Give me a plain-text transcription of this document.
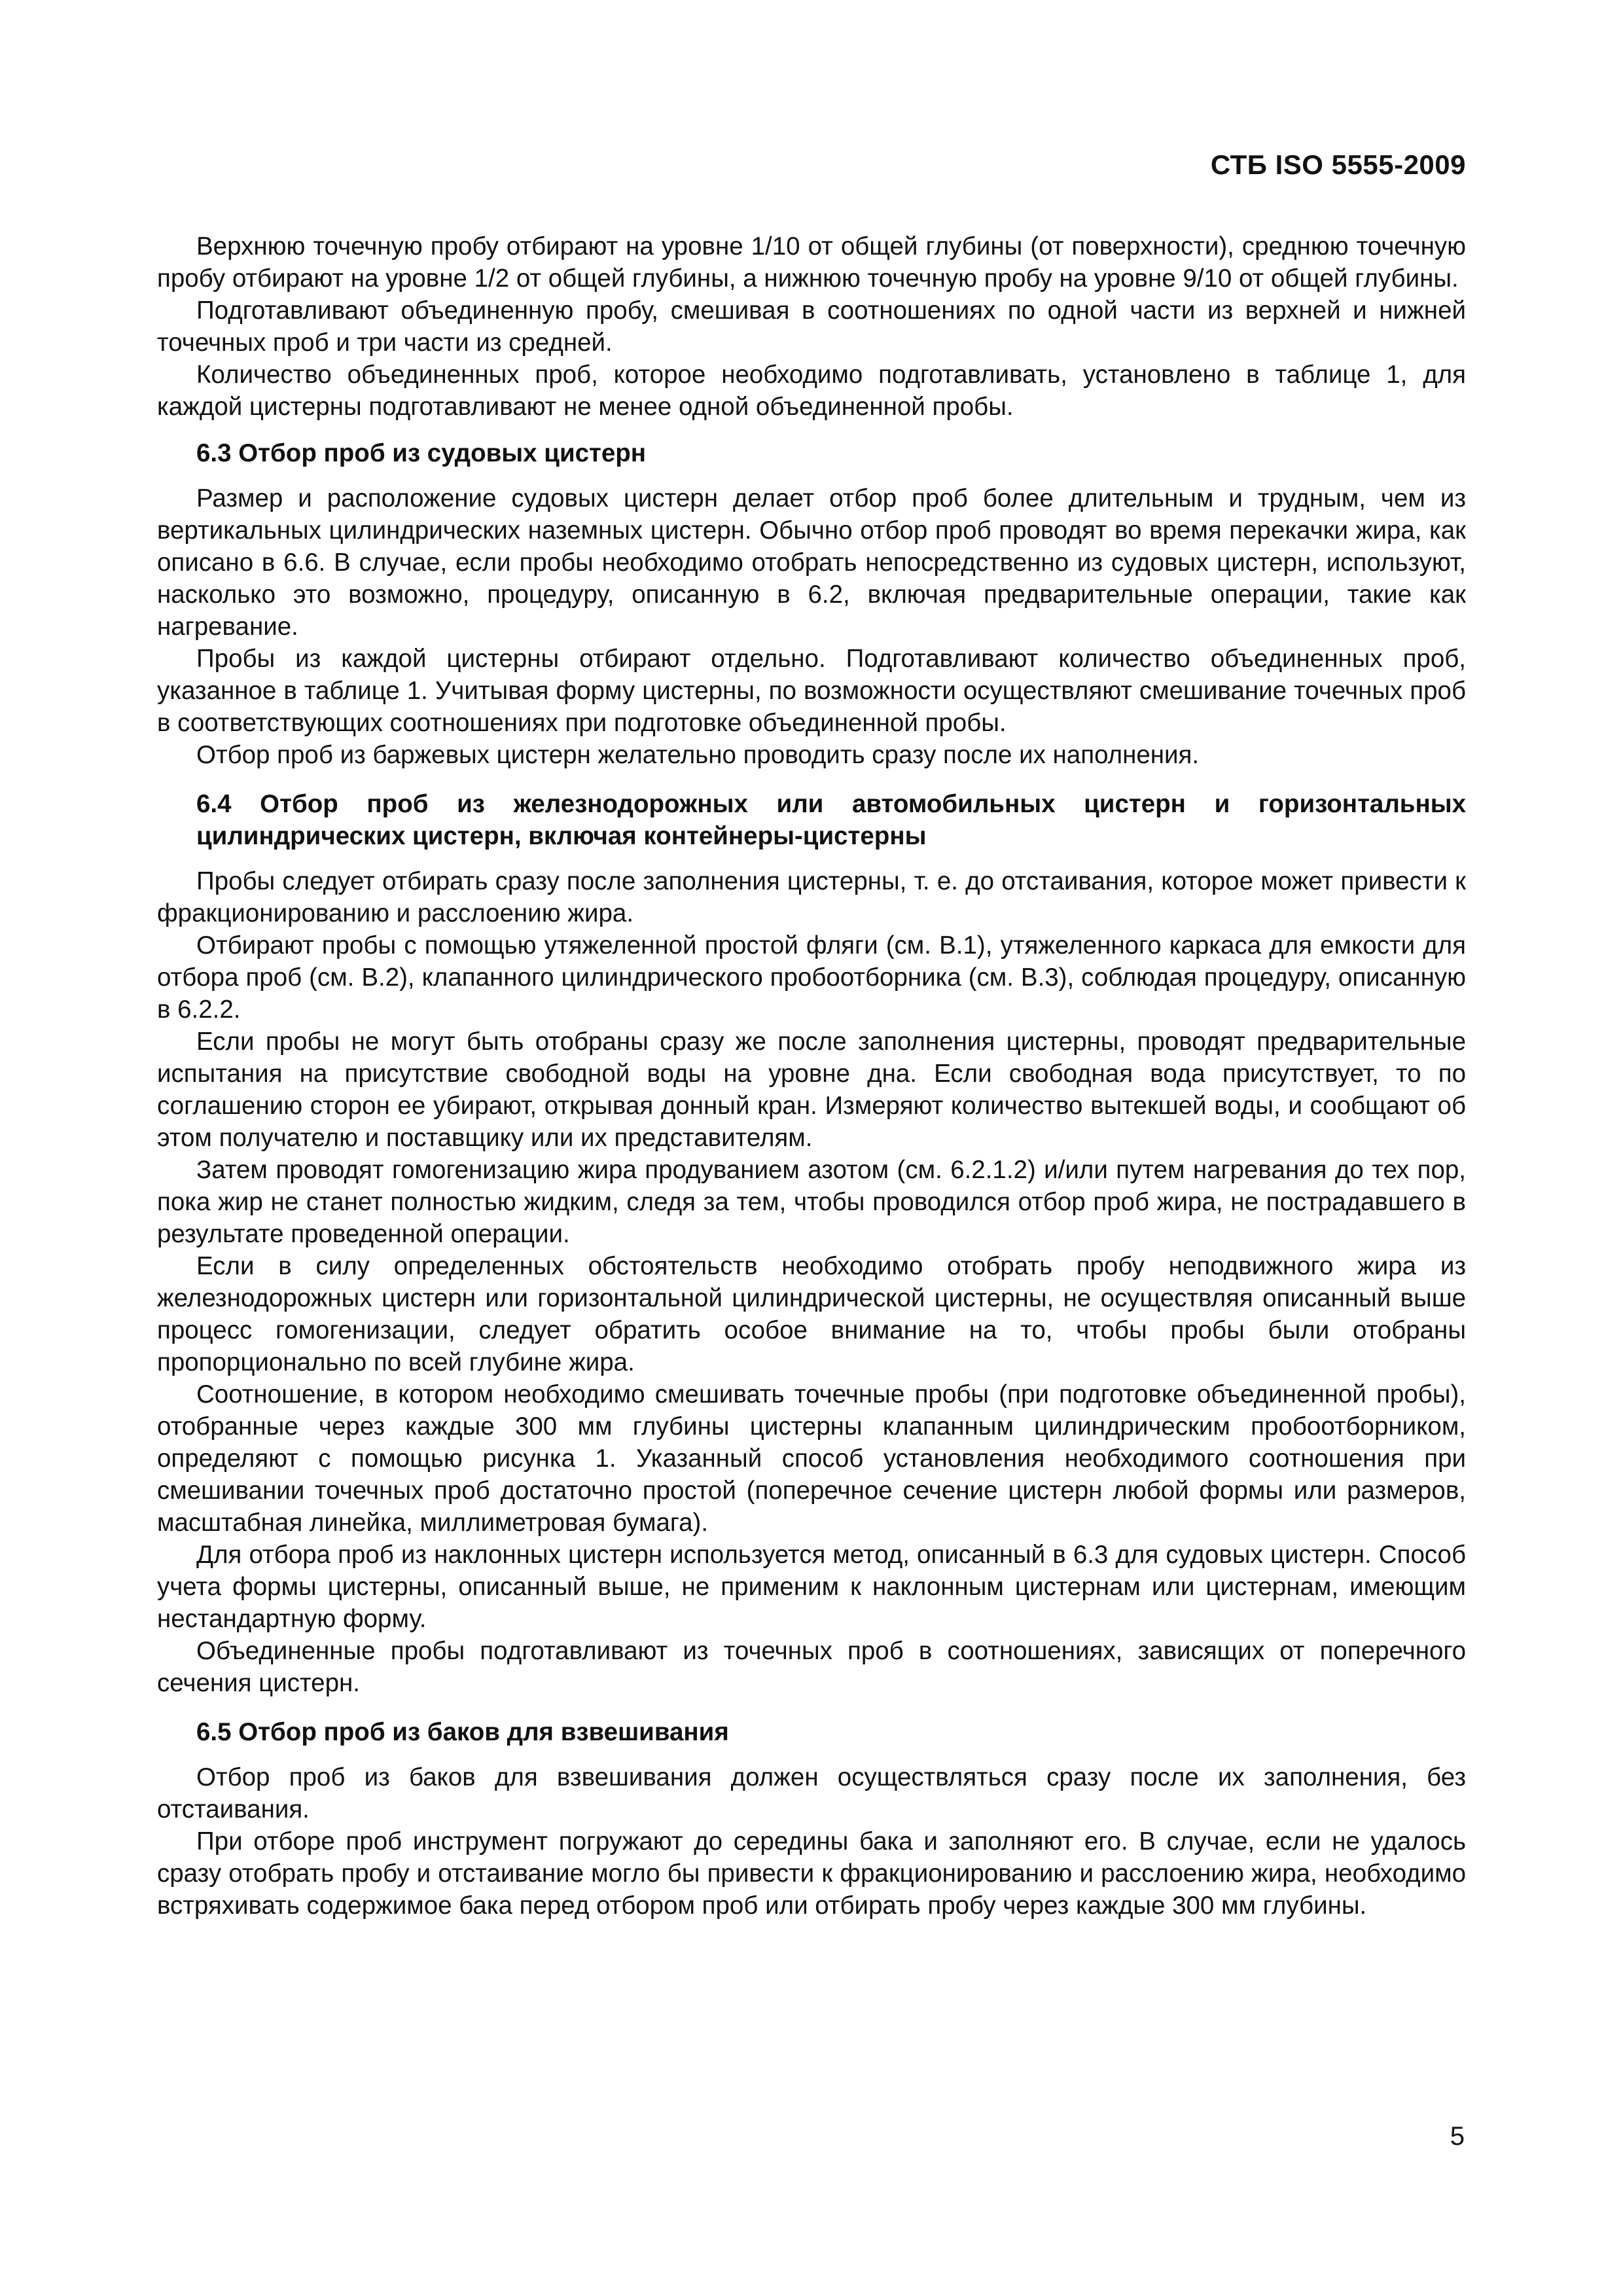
СТБ ISO 5555-2009

Верхнюю точечную пробу отбирают на уровне 1/10 от общей глубины (от поверхности), среднюю точечную пробу отбирают на уровне 1/2 от общей глубины, а нижнюю точечную пробу на уровне 9/10 от общей глубины.

Подготавливают объединенную пробу, смешивая в соотношениях по одной части из верхней и нижней точечных проб и три части из средней.

Количество объединенных проб, которое необходимо подготавливать, установлено в таблице 1, для каждой цистерны подготавливают не менее одной объединенной пробы.

6.3 Отбор проб из судовых цистерн

Размер и расположение судовых цистерн делает отбор проб более длительным и трудным, чем из вертикальных цилиндрических наземных цистерн. Обычно отбор проб проводят во время перекачки жира, как описано в 6.6. В случае, если пробы необходимо отобрать непосредственно из судовых цистерн, используют, насколько это возможно, процедуру, описанную в 6.2, включая предварительные операции, такие как нагревание.

Пробы из каждой цистерны отбирают отдельно. Подготавливают количество объединенных проб, указанное в таблице 1. Учитывая форму цистерны, по возможности осуществляют смешивание точечных проб в соответствующих соотношениях при подготовке объединенной пробы.

Отбор проб из баржевых цистерн желательно проводить сразу после их наполнения.

6.4 Отбор проб из железнодорожных или автомобильных цистерн и горизонтальных цилиндрических цистерн, включая контейнеры-цистерны

Пробы следует отбирать сразу после заполнения цистерны, т. е. до отстаивания, которое может привести к фракционированию и расслоению жира.

Отбирают пробы с помощью утяжеленной простой фляги (см. В.1), утяжеленного каркаса для емкости для отбора проб (см. В.2), клапанного цилиндрического пробоотборника (см. В.3), соблюдая процедуру, описанную в 6.2.2.

Если пробы не могут быть отобраны сразу же после заполнения цистерны, проводят предварительные испытания на присутствие свободной воды на уровне дна. Если свободная вода присутствует, то по соглашению сторон ее убирают, открывая донный кран. Измеряют количество вытекшей воды, и сообщают об этом получателю и поставщику или их представителям.

Затем проводят гомогенизацию жира продуванием азотом (см. 6.2.1.2) и/или путем нагревания до тех пор, пока жир не станет полностью жидким, следя за тем, чтобы проводился отбор проб жира, не пострадавшего в результате проведенной операции.

Если в силу определенных обстоятельств необходимо отобрать пробу неподвижного жира из железнодорожных цистерн или горизонтальной цилиндрической цистерны, не осуществляя описанный выше процесс гомогенизации, следует обратить особое внимание на то, чтобы пробы были отобраны пропорционально по всей глубине жира.

Соотношение, в котором необходимо смешивать точечные пробы (при подготовке объединенной пробы), отобранные через каждые 300 мм глубины цистерны клапанным цилиндрическим пробоотборником, определяют с помощью рисунка 1. Указанный способ установления необходимого соотношения при смешивании точечных проб достаточно простой (поперечное сечение цистерн любой формы или размеров, масштабная линейка, миллиметровая бумага).

Для отбора проб из наклонных цистерн используется метод, описанный в 6.3 для судовых цистерн. Способ учета формы цистерны, описанный выше, не применим к наклонным цистернам или цистернам, имеющим нестандартную форму.

Объединенные пробы подготавливают из точечных проб в соотношениях, зависящих от поперечного сечения цистерн.

6.5 Отбор проб из баков для взвешивания

Отбор проб из баков для взвешивания должен осуществляться сразу после их заполнения, без отстаивания.

При отборе проб инструмент погружают до середины бака и заполняют его. В случае, если не удалось сразу отобрать пробу и отстаивание могло бы привести к фракционированию и расслоению жира, необходимо встряхивать содержимое бака перед отбором проб или отбирать пробу через каждые 300 мм глубины.

5
